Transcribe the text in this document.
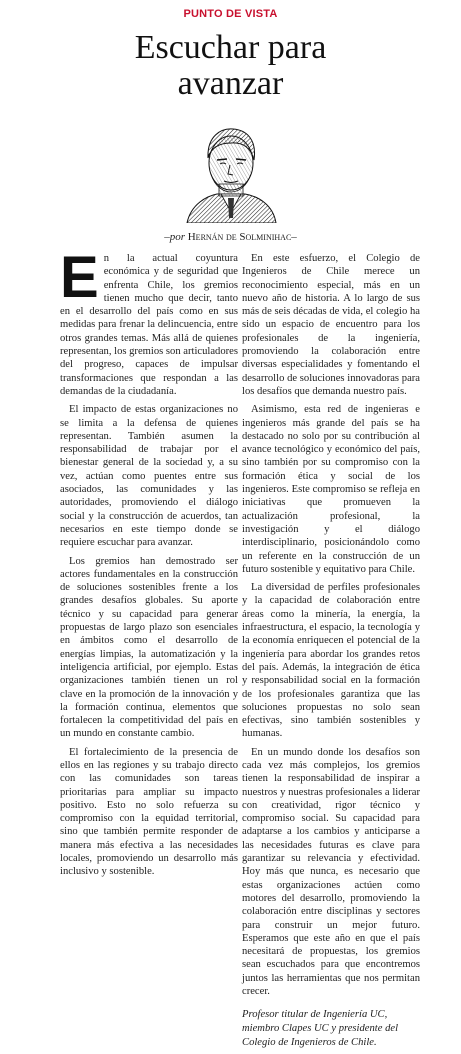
PUNTO DE VISTA
Escuchar para
avanzar
–por Hernán de Solminihac–

En la actual coyuntura económica y de seguridad que enfrenta Chile, los gremios tienen mucho que decir, tanto en el desarrollo del país como en sus medidas para frenar la delincuencia, entre otros grandes temas. Más allá de quienes representan, los gremios son articuladores del progreso, capaces de impulsar transformaciones que respondan a las demandas de la ciudadanía.

El impacto de estas organizaciones no se limita a la defensa de quienes representan. También asumen la responsabilidad de trabajar por el bienestar general de la sociedad y, a su vez, actúan como puentes entre sus asociados, las comunidades y las autoridades, promoviendo el diálogo social y la construcción de acuerdos, tan necesarios en este tiempo donde se requiere escuchar para avanzar.

Los gremios han demostrado ser actores fundamentales en la construcción de soluciones sostenibles frente a los grandes desafíos globales. Su aporte técnico y su capacidad para generar propuestas de largo plazo son esenciales en ámbitos como el desarrollo de energías limpias, la automatización y la inteligencia artificial, por ejemplo. Estas organizaciones también tienen un rol clave en la promoción de la innovación y la formación continua, elementos que fortalecen la competitividad del país en un mundo en constante cambio.

El fortalecimiento de la presencia de ellos en las regiones y su trabajo directo con las comunidades son tareas prioritarias para ampliar su impacto positivo. Esto no solo refuerza su compromiso con la equidad territorial, sino que también permite responder de manera más efectiva a las necesidades locales, promoviendo un desarrollo más inclusivo y sostenible.

En este esfuerzo, el Colegio de Ingenieros de Chile merece un reconocimiento especial, más en un nuevo año de historia. A lo largo de sus más de seis décadas de vida, el colegio ha sido un espacio de encuentro para los profesionales de la ingeniería, promoviendo la colaboración entre diversas especialidades y fomentando el desarrollo de soluciones innovadoras para los desafíos que demanda nuestro país.

Asimismo, esta red de ingenieras e ingenieros más grande del país se ha destacado no solo por su contribución al avance tecnológico y económico del país, sino también por su compromiso con la formación ética y social de los ingenieros. Este compromiso se refleja en iniciativas que promueven la actualización profesional, la investigación y el diálogo interdisciplinario, posicionándolo como un referente en la construcción de un futuro sostenible y equitativo para Chile.

La diversidad de perfiles profesionales y la capacidad de colaboración entre áreas como la minería, la energía, la infraestructura, el espacio, la tecnología y la economía enriquecen el potencial de la ingeniería para abordar los grandes retos del país. Además, la integración de ética y responsabilidad social en la formación de los profesionales garantiza que las soluciones propuestas no solo sean efectivas, sino también sostenibles y humanas.

En un mundo donde los desafíos son cada vez más complejos, los gremios tienen la responsabilidad de inspirar a nuestros y nuestras profesionales a liderar con creatividad, rigor técnico y compromiso social. Su capacidad para adaptarse a los cambios y anticiparse a las necesidades futuras es clave para garantizar su relevancia y efectividad. Hoy más que nunca, es necesario que estas organizaciones actúen como motores del desarrollo, promoviendo la colaboración entre disciplinas y sectores para construir un mejor futuro. Esperamos que este año en que el país necesitará de propuestas, los gremios sean escuchados para que encontremos juntos las herramientas que nos permitan crecer.

Profesor titular de Ingeniería UC, miembro Clapes UC y presidente del Colegio de Ingenieros de Chile.
